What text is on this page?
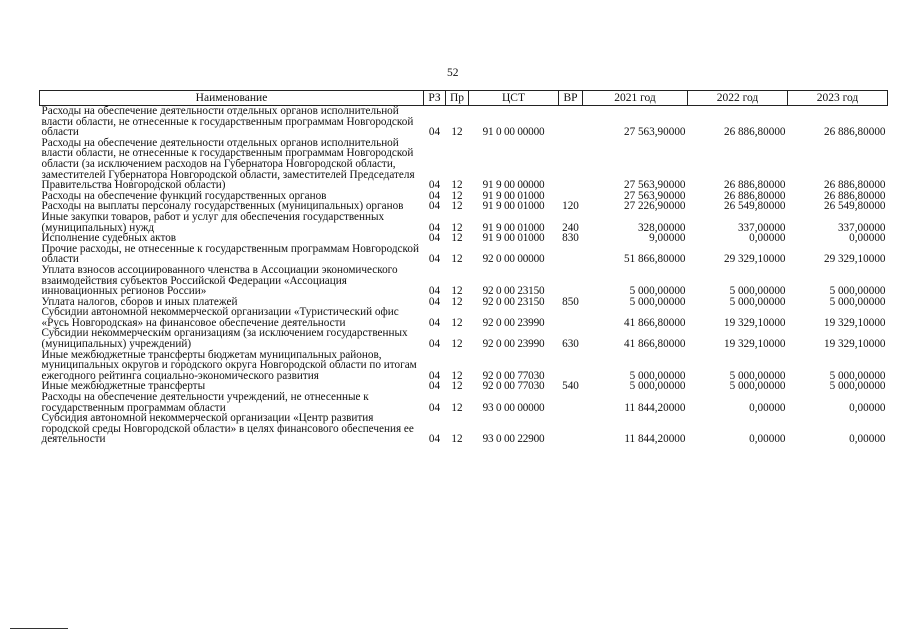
52
Наименование	РЗ	Пр	ЦСТ	ВР	2021 год	2022 год	2023 год
Расходы на обеспечение деятельности отдельных органов исполнительной власти области, не отнесенные к государственным программам Новгородской области	04	12	91 0 00 00000		27 563,90000	26 886,80000	26 886,80000
Расходы на обеспечение деятельности отдельных органов исполнительной власти области, не отнесенные к государственным программам Новгородской области (за исключением расходов на Губернатора Новгородской области, заместителей Губернатора Новгородской области, заместителей Председателя Правительства Новгородской области)	04	12	91 9 00 00000		27 563,90000	26 886,80000	26 886,80000
Расходы на обеспечение функций государственных органов	04	12	91 9 00 01000		27 563,90000	26 886,80000	26 886,80000
Расходы на выплаты персоналу государственных (муниципальных) органов	04	12	91 9 00 01000	120	27 226,90000	26 549,80000	26 549,80000
Иные закупки товаров, работ и услуг для обеспечения государственных (муниципальных) нужд	04	12	91 9 00 01000	240	328,00000	337,00000	337,00000
Исполнение судебных актов	04	12	91 9 00 01000	830	9,00000	0,00000	0,00000
Прочие расходы, не отнесенные к государственным программам Новгородской области	04	12	92 0 00 00000		51 866,80000	29 329,10000	29 329,10000
Уплата взносов ассоциированного членства в Ассоциации экономического взаимодействия субъектов Российской Федерации «Ассоциация инновационных регионов России»	04	12	92 0 00 23150		5 000,00000	5 000,00000	5 000,00000
Уплата налогов, сборов и иных платежей	04	12	92 0 00 23150	850	5 000,00000	5 000,00000	5 000,00000
Субсидии автономной некоммерческой организации «Туристический офис «Русь Новгородская» на финансовое обеспечение деятельности	04	12	92 0 00 23990		41 866,80000	19 329,10000	19 329,10000
Субсидии некоммерческим организациям (за исключением государственных (муниципальных) учреждений)	04	12	92 0 00 23990	630	41 866,80000	19 329,10000	19 329,10000
Иные межбюджетные трансферты бюджетам муниципальных районов, муниципальных округов и городского округа Новгородской области по итогам ежегодного рейтинга социально-экономического развития	04	12	92 0 00 77030		5 000,00000	5 000,00000	5 000,00000
Иные межбюджетные трансферты	04	12	92 0 00 77030	540	5 000,00000	5 000,00000	5 000,00000
Расходы на обеспечение деятельности учреждений, не отнесенные к государственным программам области	04	12	93 0 00 00000		11 844,20000	0,00000	0,00000
Субсидия автономной некоммерческой организации «Центр развития городской среды Новгородской области» в целях финансового обеспечения ее деятельности	04	12	93 0 00 22900		11 844,20000	0,00000	0,00000
